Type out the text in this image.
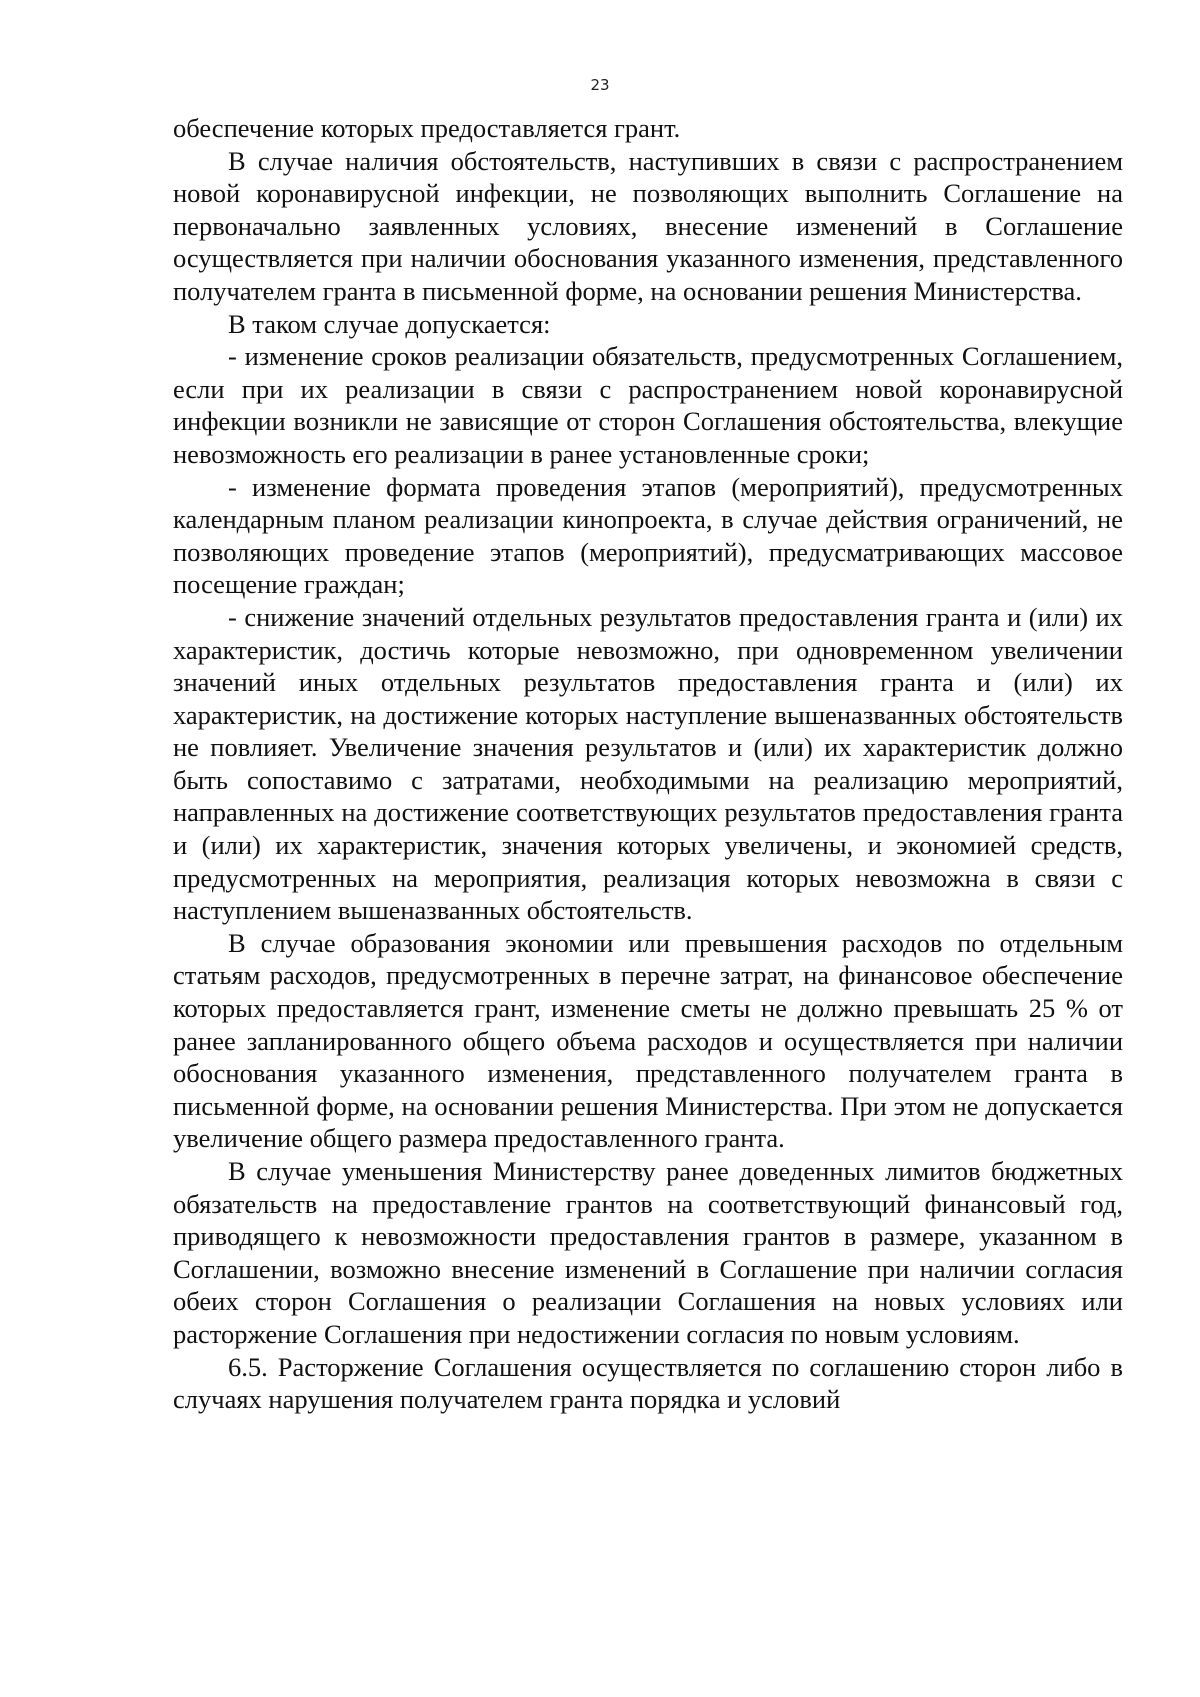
23

обеспечение которых предоставляется грант.

В случае наличия обстоятельств, наступивших в связи с распространением новой коронавирусной инфекции, не позволяющих выполнить Соглашение на первоначально заявленных условиях, внесение изменений в Соглашение осуществляется при наличии обоснования указанного изменения, представленного получателем гранта в письменной форме, на основании решения Министерства.

В таком случае допускается:

- изменение сроков реализации обязательств, предусмотренных Соглашением, если при их реализации в связи с распространением новой коронавирусной инфекции возникли не зависящие от сторон Соглашения обстоятельства, влекущие невозможность его реализации в ранее установленные сроки;

- изменение формата проведения этапов (мероприятий), предусмотренных календарным планом реализации кинопроекта, в случае действия ограничений, не позволяющих проведение этапов (мероприятий), предусматривающих массовое посещение граждан;

- снижение значений отдельных результатов предоставления гранта и (или) их характеристик, достичь которые невозможно, при одновременном увеличении значений иных отдельных результатов предоставления гранта и (или) их характеристик, на достижение которых наступление вышеназванных обстоятельств не повлияет. Увеличение значения результатов и (или) их характеристик должно быть сопоставимо с затратами, необходимыми на реализацию мероприятий, направленных на достижение соответствующих результатов предоставления гранта и (или) их характеристик, значения которых увеличены, и экономией средств, предусмотренных на мероприятия, реализация которых невозможна в связи с наступлением вышеназванных обстоятельств.

В случае образования экономии или превышения расходов по отдельным статьям расходов, предусмотренных в перечне затрат, на финансовое обеспечение которых предоставляется грант, изменение сметы не должно превышать 25 % от ранее запланированного общего объема расходов и осуществляется при наличии обоснования указанного изменения, представленного получателем гранта в письменной форме, на основании решения Министерства. При этом не допускается увеличение общего размера предоставленного гранта.

В случае уменьшения Министерству ранее доведенных лимитов бюджетных обязательств на предоставление грантов на соответствующий финансовый год, приводящего к невозможности предоставления грантов в размере, указанном в Соглашении, возможно внесение изменений в Соглашение при наличии согласия обеих сторон Соглашения о реализации Соглашения на новых условиях или расторжение Соглашения при недостижении согласия по новым условиям.

6.5. Расторжение Соглашения осуществляется по соглашению сторон либо в случаях нарушения получателем гранта порядка и условий
